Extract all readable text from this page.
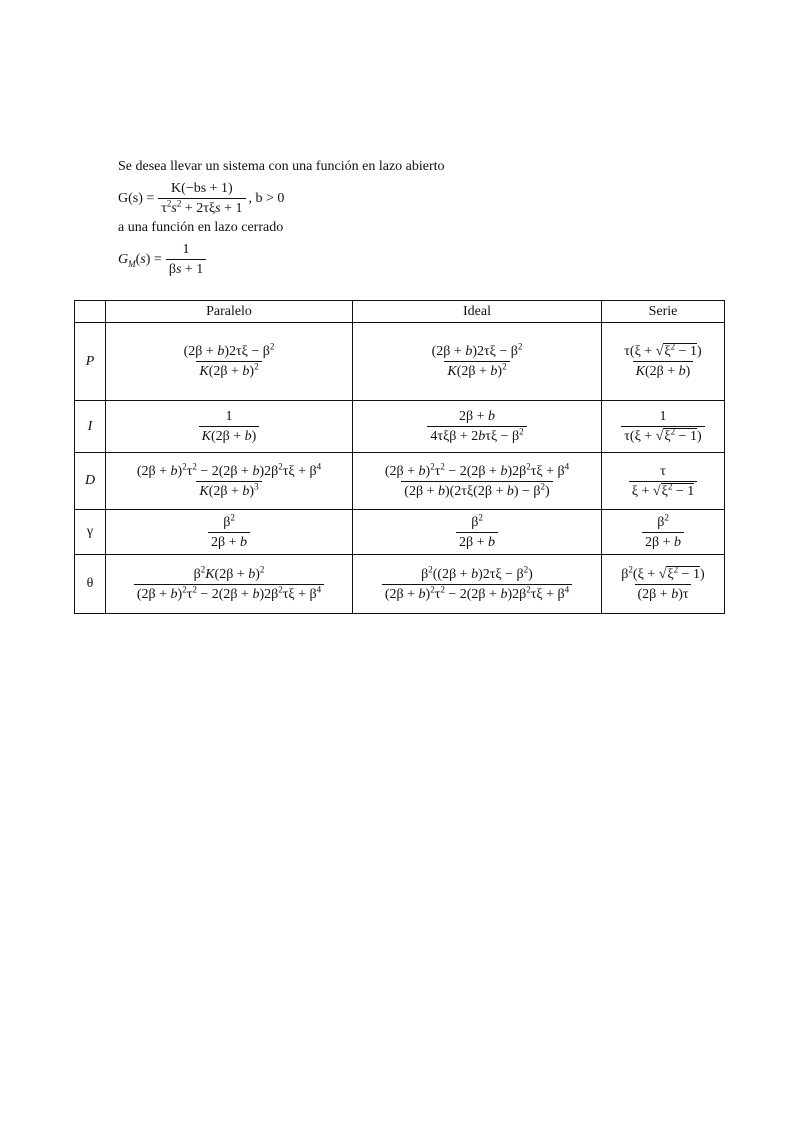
Se desea llevar un sistema con una función en lazo abierto

$G(s) = \frac{K(-bs + 1)}{\tau^2s^2 + 2\tau\xi s + 1}$ , b > 0

a una función en lazo cerrado

$G_M(s) = \frac{1}{\beta s + 1}$
	Paralelo	Ideal	Serie
P	$\frac{(2\beta + b)2\tau\xi - \beta^2}{K(2\beta + b)^2}$	$\frac{(2\beta + b)2\tau\xi - \beta^2}{K(2\beta + b)^2}$	$\frac{\tau(\xi + √\xi^2 - 1)}{K(2\beta + b)}$

I	$\frac{1}{K(2\beta + b)}$	$\frac{2\beta + b}{4\tau\xi\beta + 2b\tau\xi - \beta^2}$	$\frac{1}{\tau(\xi + √\xi^2 - 1)}$

D	$\frac{(2\beta + b)^2\tau^2 - 2(2\beta + b)2\beta^2\tau\xi + \beta^4}{K(2\beta + b)^3}$	$\frac{(2\beta + b)^2\tau^2 - 2(2\beta + b)2\beta^2\tau\xi + \beta^4}{(2\beta + b)(2\tau\xi(2\beta + b) - \beta^2)}$	$\frac{\tau}{\xi + √\xi^2 - 1}$

γ	$\frac{\beta^2}{2\beta + b}$	$\frac{\beta^2}{2\beta + b}$	$\frac{\beta^2}{2\beta + b}$

θ	$\frac{\beta^2K(2\beta + b)^2}{(2\beta + b)^2\tau^2 - 2(2\beta + b)2\beta^2\tau\xi + \beta^4}$	$\frac{\beta^2((2\beta + b)2\tau\xi - \beta^2)}{(2\beta + b)^2\tau^2 - 2(2\beta + b)2\beta^2\tau\xi + \beta^4}$	$\frac{\beta^2(\xi + √\xi^2 - 1)}{(2\beta + b)\tau}$
